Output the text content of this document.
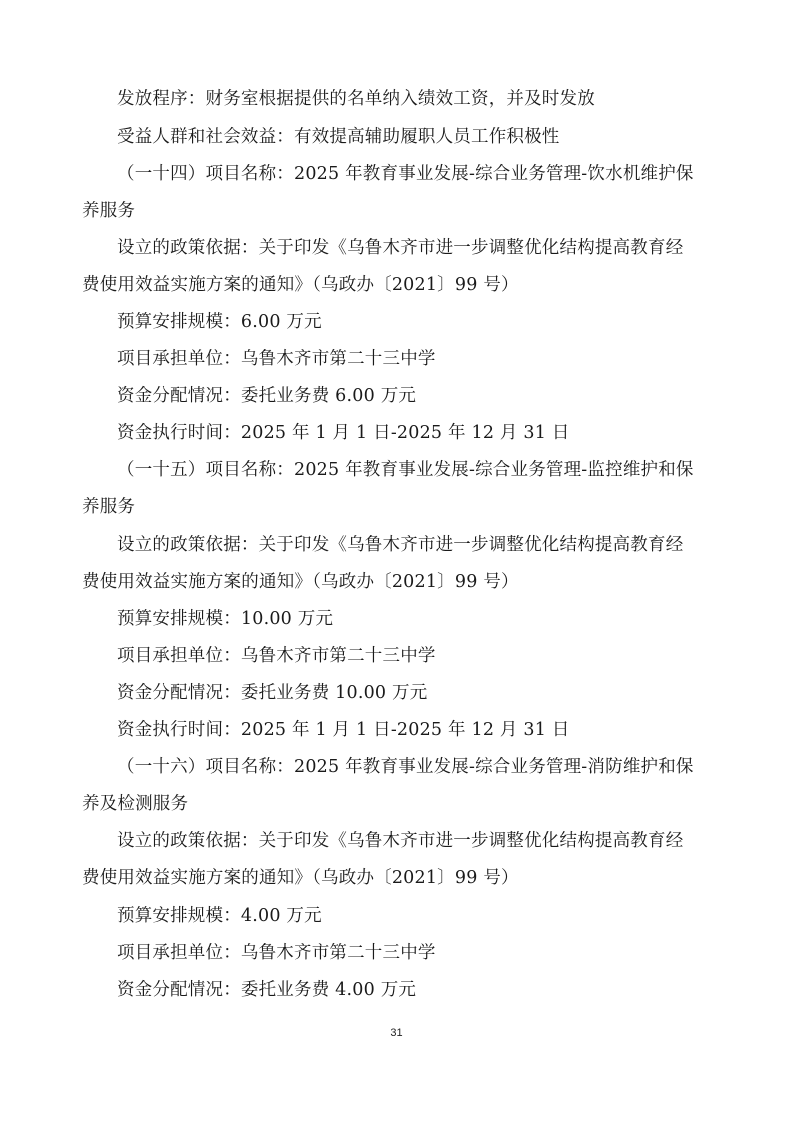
发放程序：财务室根据提供的名单纳入绩效工资，并及时发放
受益人群和社会效益：有效提高辅助履职人员工作积极性
（一十四）项目名称：2025 年教育事业发展-综合业务管理-饮水机维护保
养服务
设立的政策依据：关于印发《乌鲁木齐市进一步调整优化结构提高教育经
费使用效益实施方案的通知》（乌政办〔2021〕99 号）
预算安排规模：6.00 万元
项目承担单位：乌鲁木齐市第二十三中学
资金分配情况：委托业务费 6.00 万元
资金执行时间：2025 年 1 月 1 日-2025 年 12 月 31 日
（一十五）项目名称：2025 年教育事业发展-综合业务管理-监控维护和保
养服务
设立的政策依据：关于印发《乌鲁木齐市进一步调整优化结构提高教育经
费使用效益实施方案的通知》（乌政办〔2021〕99 号）
预算安排规模：10.00 万元
项目承担单位：乌鲁木齐市第二十三中学
资金分配情况：委托业务费 10.00 万元
资金执行时间：2025 年 1 月 1 日-2025 年 12 月 31 日
（一十六）项目名称：2025 年教育事业发展-综合业务管理-消防维护和保
养及检测服务
设立的政策依据：关于印发《乌鲁木齐市进一步调整优化结构提高教育经
费使用效益实施方案的通知》（乌政办〔2021〕99 号）
预算安排规模：4.00 万元
项目承担单位：乌鲁木齐市第二十三中学
资金分配情况：委托业务费 4.00 万元
31
